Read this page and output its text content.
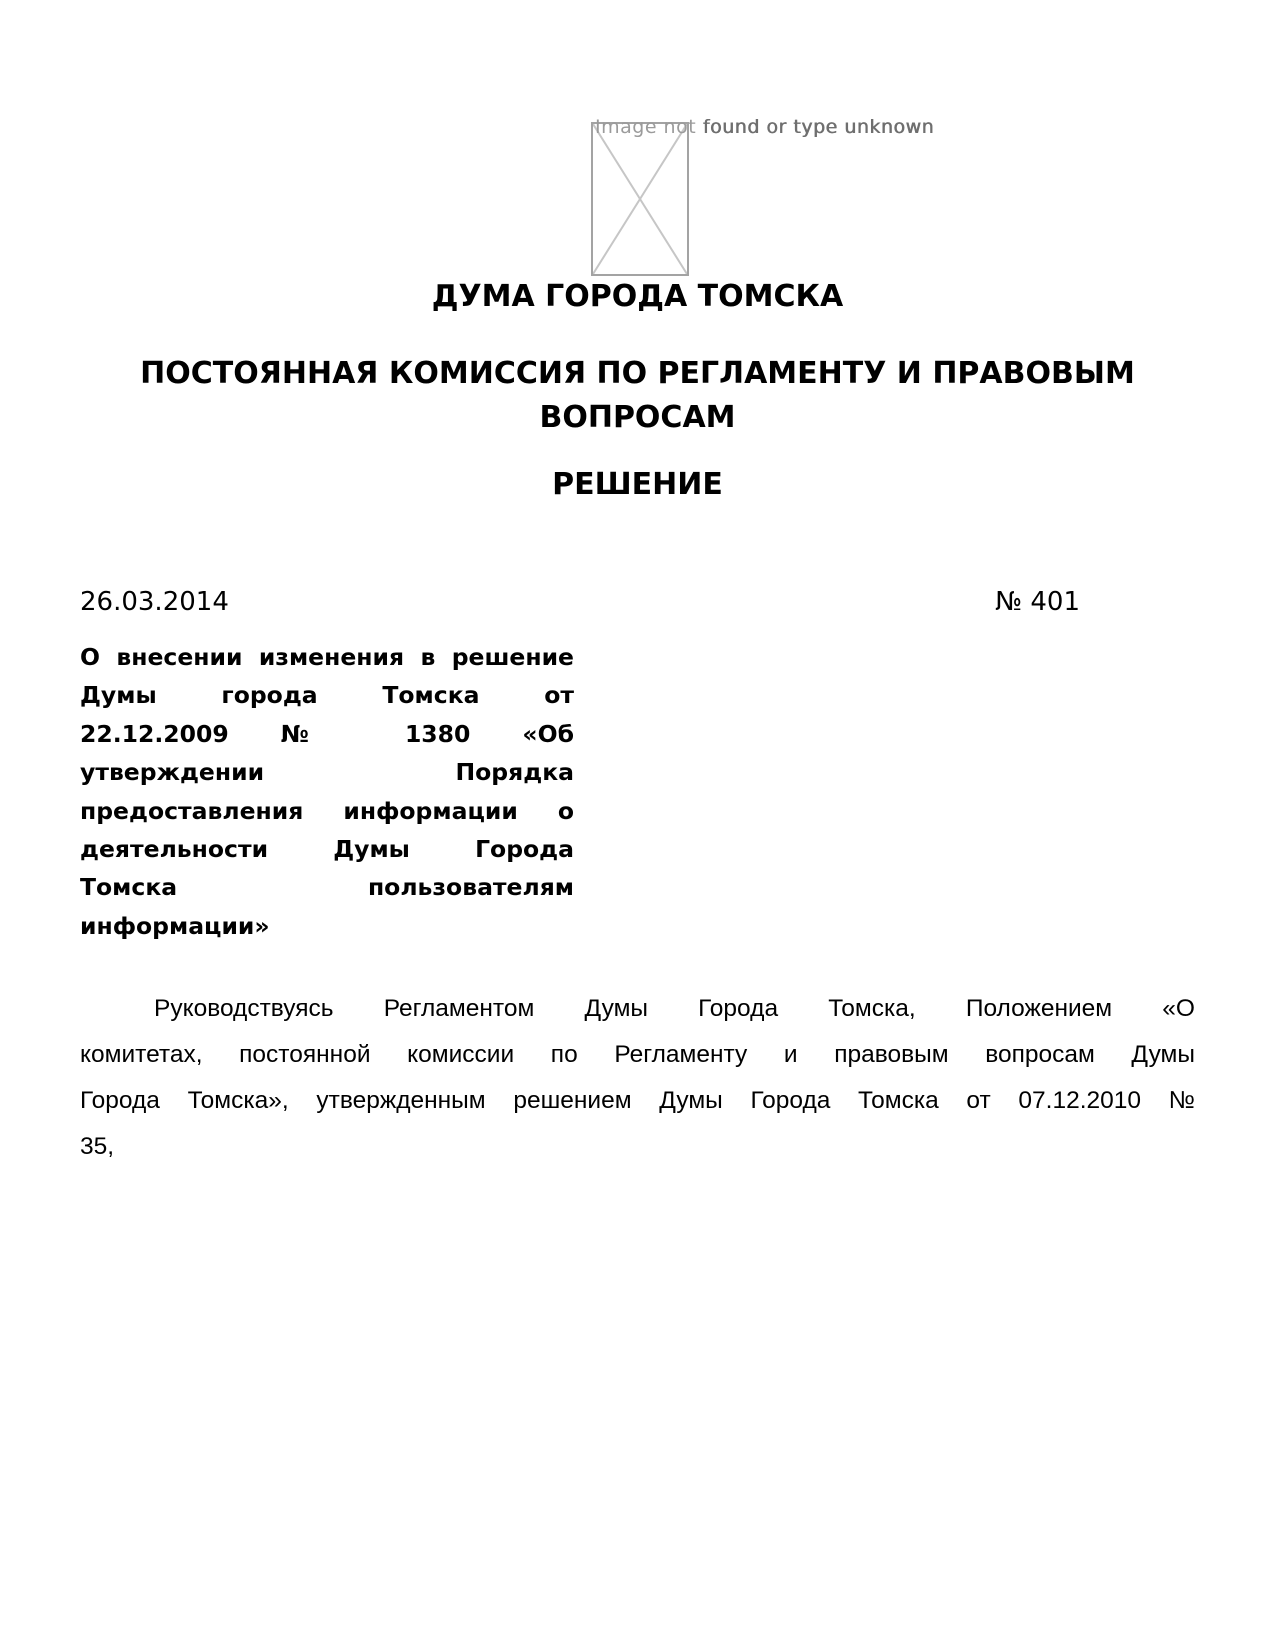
Image not found or type unknown
ДУМА ГОРОДА ТОМСКА
ПОСТОЯННАЯ КОМИССИЯ ПО РЕГЛАМЕНТУ И ПРАВОВЫМ
ВОПРОСАМ
РЕШЕНИЕ
26.03.2014	№ 401
О внесении изменения в решение
Думы города Томска от
22.12.2009 № 1380 «Об
утверждении Порядка
предоставления информации о
деятельности Думы Города
Томска пользователям
информации»
Руководствуясь Регламентом Думы Города Томска, Положением «О
комитетах, постоянной комиссии по Регламенту и правовым вопросам Думы
Города Томска», утвержденным решением Думы Города Томска от 07.12.2010 №
35,
